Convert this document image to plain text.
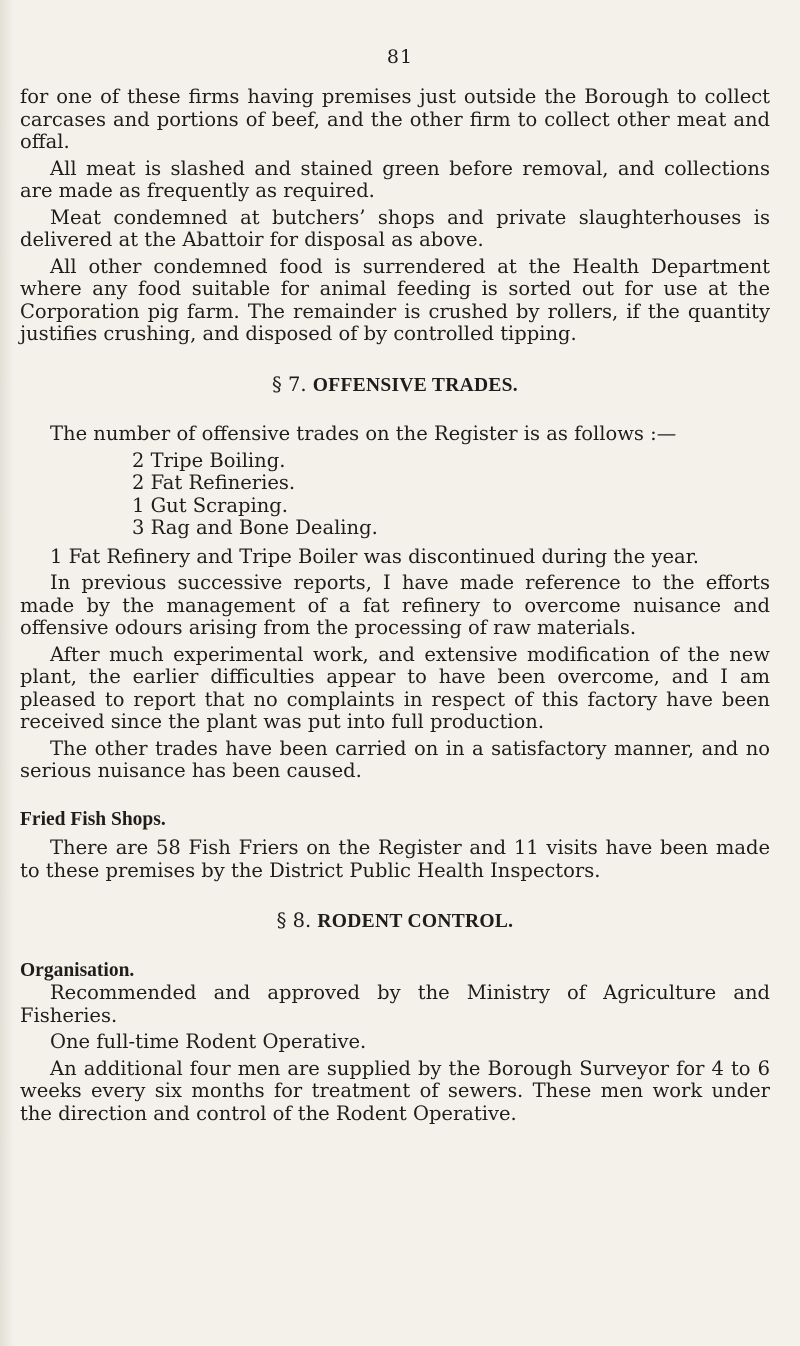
81

for one of these firms having premises just outside the Borough to collect carcases and portions of beef, and the other firm to collect other meat and offal.

All meat is slashed and stained green before removal, and collections are made as frequently as required.

Meat condemned at butchers’ shops and private slaughterhouses is delivered at the Abattoir for disposal as above.

All other condemned food is surrendered at the Health Department where any food suitable for animal feeding is sorted out for use at the Corporation pig farm. The remainder is crushed by rollers, if the quantity justifies crushing, and disposed of by controlled tipping.

§ 7. OFFENSIVE TRADES.

The number of offensive trades on the Register is as follows :—

2 Tripe Boiling.
2 Fat Refineries.
1 Gut Scraping.
3 Rag and Bone Dealing.

1 Fat Refinery and Tripe Boiler was discontinued during the year.

In previous successive reports, I have made reference to the efforts made by the management of a fat refinery to overcome nuisance and offensive odours arising from the processing of raw materials.

After much experimental work, and extensive modification of the new plant, the earlier difficulties appear to have been overcome, and I am pleased to report that no complaints in respect of this factory have been received since the plant was put into full production.

The other trades have been carried on in a satisfactory manner, and no serious nuisance has been caused.

Fried Fish Shops.

There are 58 Fish Friers on the Register and 11 visits have been made to these premises by the District Public Health Inspectors.

§ 8. RODENT CONTROL.
Organisation.

Recommended and approved by the Ministry of Agriculture and Fisheries.

One full-time Rodent Operative.

An additional four men are supplied by the Borough Surveyor for 4 to 6 weeks every six months for treatment of sewers. These men work under the direction and control of the Rodent Operative.
